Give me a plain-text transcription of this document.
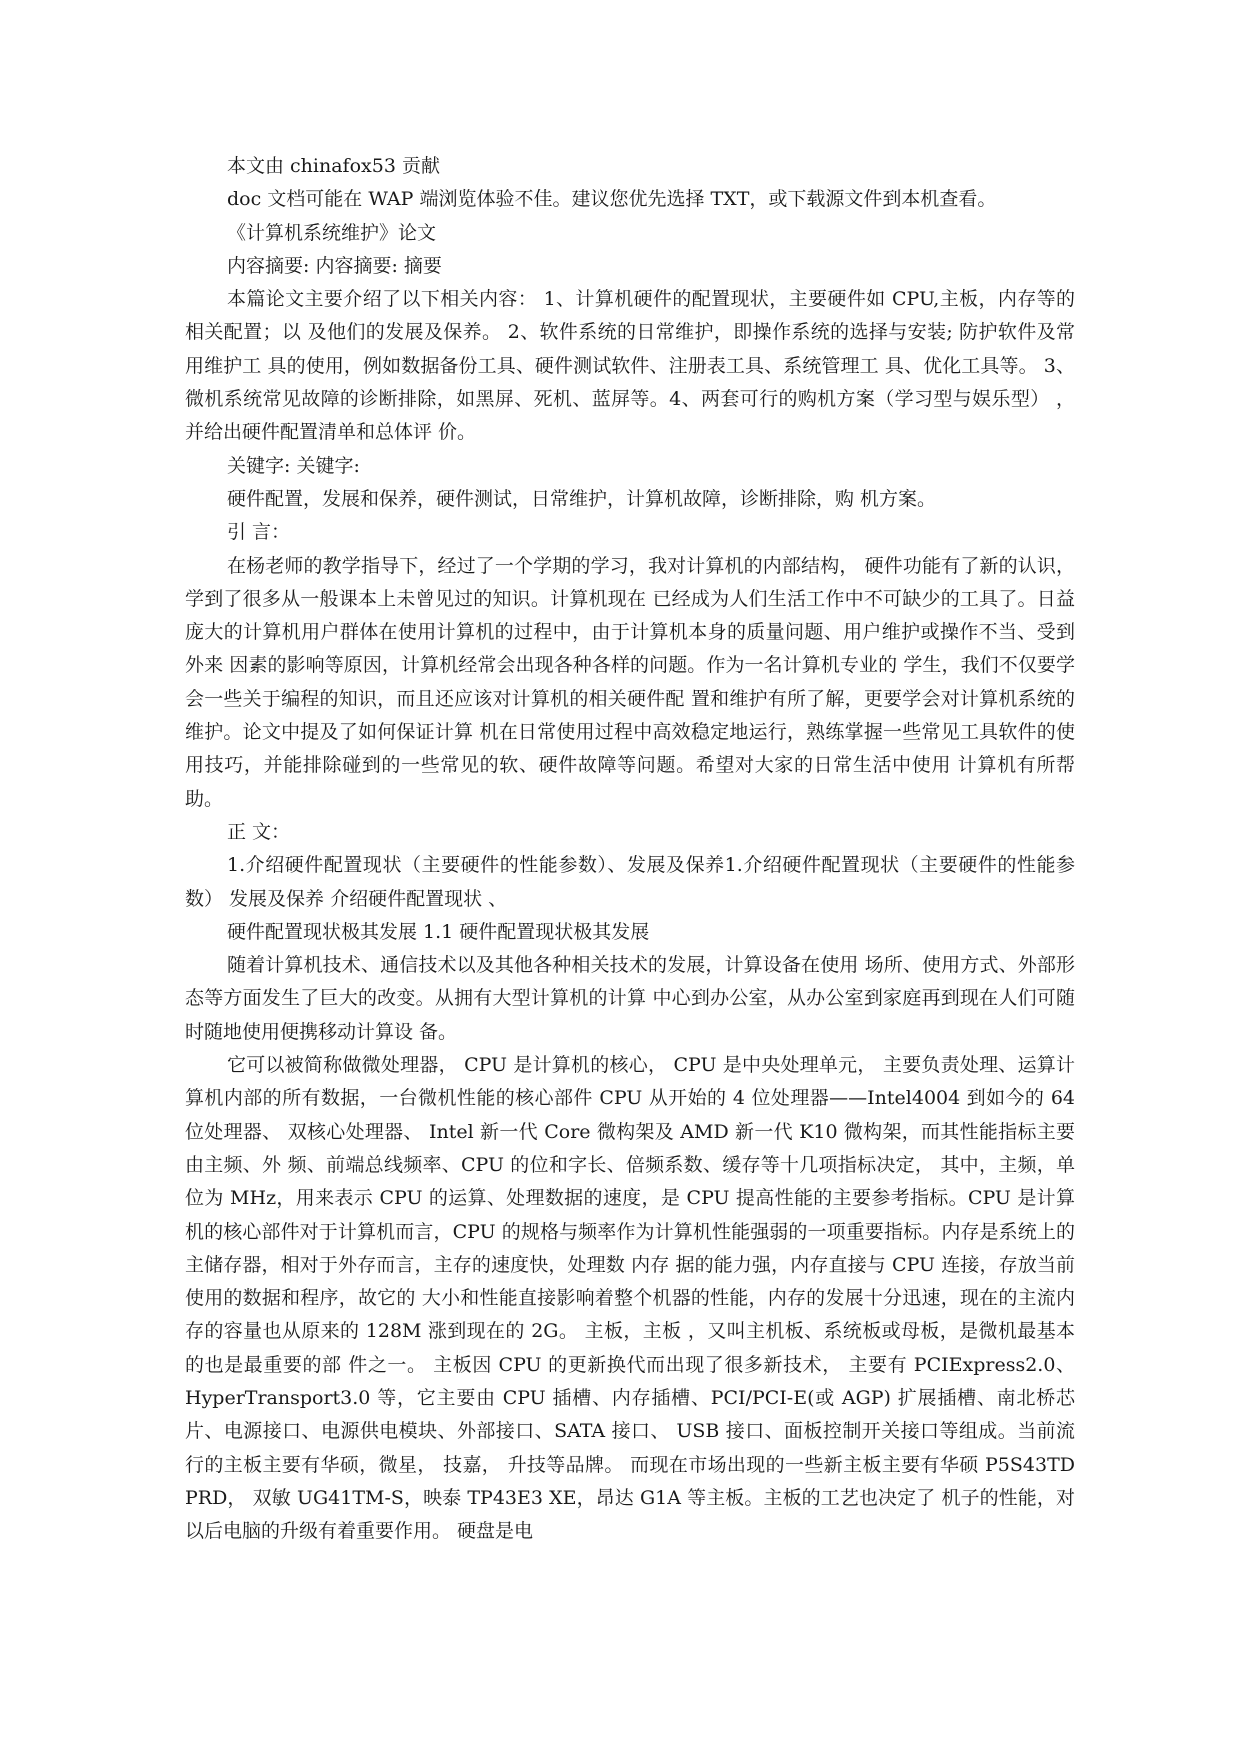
本文由 chinafox53 贡献

doc 文档可能在 WAP 端浏览体验不佳。建议您优先选择 TXT，或下载源文件到本机查看。

《计算机系统维护》论文

内容摘要: 内容摘要: 摘要

本篇论文主要介绍了以下相关内容： 1、计算机硬件的配置现状，主要硬件如 CPU,主板，内存等的相关配置；以 及他们的发展及保养。 2、软件系统的日常维护，即操作系统的选择与安装; 防护软件及常用维护工 具的使用，例如数据备份工具、硬件测试软件、注册表工具、系统管理工 具、优化工具等。 3、微机系统常见故障的诊断排除，如黑屏、死机、蓝屏等。4、两套可行的购机方案（学习型与娱乐型） ，并给出硬件配置清单和总体评 价。

关键字: 关键字:

硬件配置，发展和保养，硬件测试，日常维护，计算机故障，诊断排除，购 机方案。

引 言：

在杨老师的教学指导下，经过了一个学期的学习，我对计算机的内部结构， 硬件功能有了新的认识，学到了很多从一般课本上未曾见过的知识。计算机现在 已经成为人们生活工作中不可缺少的工具了。日益庞大的计算机用户群体在使用计算机的过程中，由于计算机本身的质量问题、用户维护或操作不当、受到外来 因素的影响等原因，计算机经常会出现各种各样的问题。作为一名计算机专业的 学生，我们不仅要学会一些关于编程的知识，而且还应该对计算机的相关硬件配 置和维护有所了解，更要学会对计算机系统的维护。论文中提及了如何保证计算 机在日常使用过程中高效稳定地运行，熟练掌握一些常见工具软件的使用技巧，并能排除碰到的一些常见的软、硬件故障等问题。希望对大家的日常生活中使用 计算机有所帮助。

正 文：

1.介绍硬件配置现状（主要硬件的性能参数）、发展及保养1.介绍硬件配置现状（主要硬件的性能参数） 发展及保养 介绍硬件配置现状 、

硬件配置现状极其发展 1.1 硬件配置现状极其发展

随着计算机技术、通信技术以及其他各种相关技术的发展，计算设备在使用 场所、使用方式、外部形态等方面发生了巨大的改变。从拥有大型计算机的计算 中心到办公室，从办公室到家庭再到现在人们可随时随地使用便携移动计算设 备。

它可以被简称做微处理器， CPU 是计算机的核心， CPU 是中央处理单元， 主要负责处理、运算计算机内部的所有数据，一台微机性能的核心部件 CPU 从开始的 4 位处理器——Intel4004 到如今的 64 位处理器、 双核心处理器、 Intel 新一代 Core 微构架及 AMD 新一代 K10 微构架，而其性能指标主要由主频、外 频、前端总线频率、CPU 的位和字长、倍频系数、缓存等十几项指标决定， 其中，主频，单位为 MHz，用来表示 CPU 的运算、处理数据的速度，是 CPU 提高性能的主要参考指标。CPU 是计算机的核心部件对于计算机而言，CPU 的规格与频率作为计算机性能强弱的一项重要指标。内存是系统上的主储存器，相对于外存而言，主存的速度快，处理数 内存 据的能力强，内存直接与 CPU 连接，存放当前使用的数据和程序，故它的 大小和性能直接影响着整个机器的性能，内存的发展十分迅速，现在的主流内存的容量也从原来的 128M 涨到现在的 2G。 主板，主板 ，又叫主机板、系统板或母板，是微机最基本的也是最重要的部 件之一。 主板因 CPU 的更新换代而出现了很多新技术， 主要有 PCIExpress2.0、 HyperTransport3.0 等，它主要由 CPU 插槽、内存插槽、PCI/PCI-E(或 AGP) 扩展插槽、南北桥芯片、电源接口、电源供电模块、外部接口、SATA 接口、 USB 接口、面板控制开关接口等组成。当前流行的主板主要有华硕，微星， 技嘉， 升技等品牌。 而现在市场出现的一些新主板主要有华硕 P5S43TD PRD， 双敏 UG41TM-S，映泰 TP43E3 XE，昂达 G1A 等主板。主板的工艺也决定了 机子的性能，对以后电脑的升级有着重要作用。 硬盘是电
